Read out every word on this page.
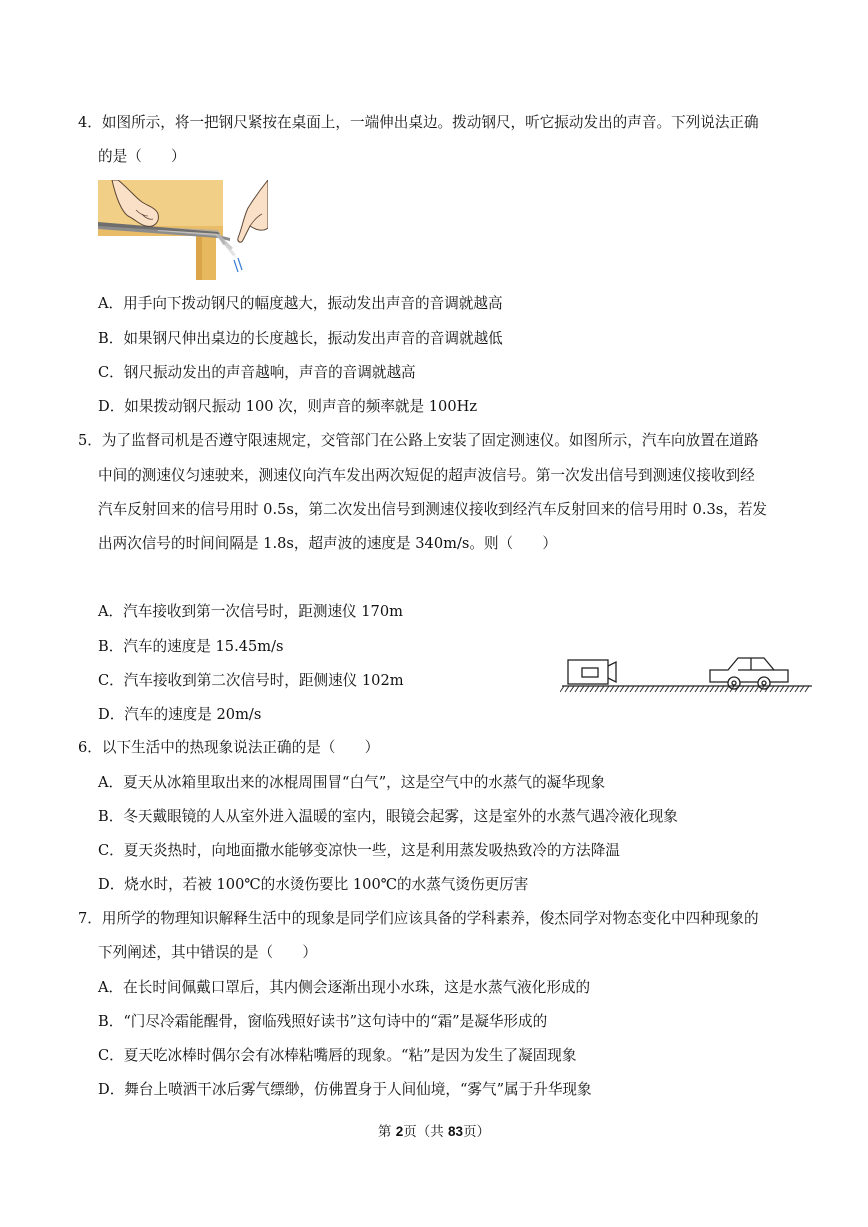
4．如图所示，将一把钢尺紧按在桌面上，一端伸出桌边。拨动钢尺，听它振动发出的声音。下列说法正确
的是（　　）
A．用手向下拨动钢尺的幅度越大，振动发出声音的音调就越高
B．如果钢尺伸出桌边的长度越长，振动发出声音的音调就越低
C．钢尺振动发出的声音越响，声音的音调就越高
D．如果拨动钢尺振动 100 次，则声音的频率就是 100Hz
5．为了监督司机是否遵守限速规定，交管部门在公路上安装了固定测速仪。如图所示，汽车向放置在道路
中间的测速仪匀速驶来，测速仪向汽车发出两次短促的超声波信号。第一次发出信号到测速仪接收到经
汽车反射回来的信号用时 0.5s，第二次发出信号到测速仪接收到经汽车反射回来的信号用时 0.3s，若发
出两次信号的时间间隔是 1.8s，超声波的速度是 340m/s。则（　　）
A．汽车接收到第一次信号时，距测速仪 170m
B．汽车的速度是 15.45m/s
C．汽车接收到第二次信号时，距侧速仪 102m
D．汽车的速度是 20m/s
6．以下生活中的热现象说法正确的是（　　）
A．夏天从冰箱里取出来的冰棍周围冒“白气”，这是空气中的水蒸气的凝华现象
B．冬天戴眼镜的人从室外进入温暖的室内，眼镜会起雾，这是室外的水蒸气遇冷液化现象
C．夏天炎热时，向地面撒水能够变凉快一些，这是利用蒸发吸热致冷的方法降温
D．烧水时，若被 100℃的水烫伤要比 100℃的水蒸气烫伤更厉害
7．用所学的物理知识解释生活中的现象是同学们应该具备的学科素养，俊杰同学对物态变化中四种现象的
下列阐述，其中错误的是（　　）
A．在长时间佩戴口罩后，其内侧会逐渐出现小水珠，这是水蒸气液化形成的
B．“门尽冷霜能醒骨，窗临残照好读书”这句诗中的“霜”是凝华形成的
C．夏天吃冰棒时偶尔会有冰棒粘嘴唇的现象。“粘”是因为发生了凝固现象
D．舞台上喷洒干冰后雾气缥缈，仿佛置身于人间仙境，“雾气”属于升华现象
第 2页（共 83页）
